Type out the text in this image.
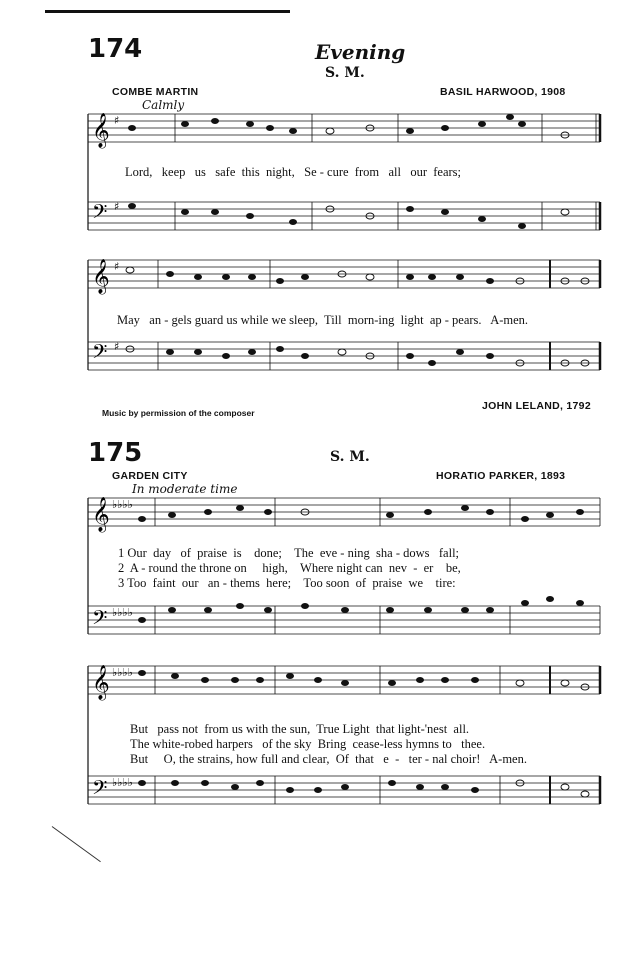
174	Evening
S. M.
COMBE MARTIN	BASIL HARWOOD, 1908
Calmly
𝄞
𝄢
♯
♯
Lord,   keep   us   safe  this  night,   Se - cure  from   all   our  fears;
𝄞
𝄢
♯
♯
May   an - gels guard us while we sleep,  Till  morn-ing  light  ap - pears.   A-men.
Music by permission of the composer
JOHN LELAND, 1792
175	S. M.
GARDEN CITY	HORATIO PARKER, 1893
In moderate time
𝄞
𝄢
♭♭♭♭
♭♭♭♭
1 Our  day   of  praise  is    done;    The  eve - ning  sha - dows   fall;
2  A - round the throne on     high,    Where night can  nev  -  er    be,
3 Too  faint  our   an - thems  here;    Too soon  of  praise  we    tire:
𝄞
𝄢
♭♭♭♭
♭♭♭♭
But   pass not  from us with the sun,  True Light  that light-'nest  all.
The white-robed harpers   of the sky  Bring  cease-less hymns to   thee.
But     O, the strains, how full and clear,  Of  that   e  -   ter - nal choir!   A-men.
